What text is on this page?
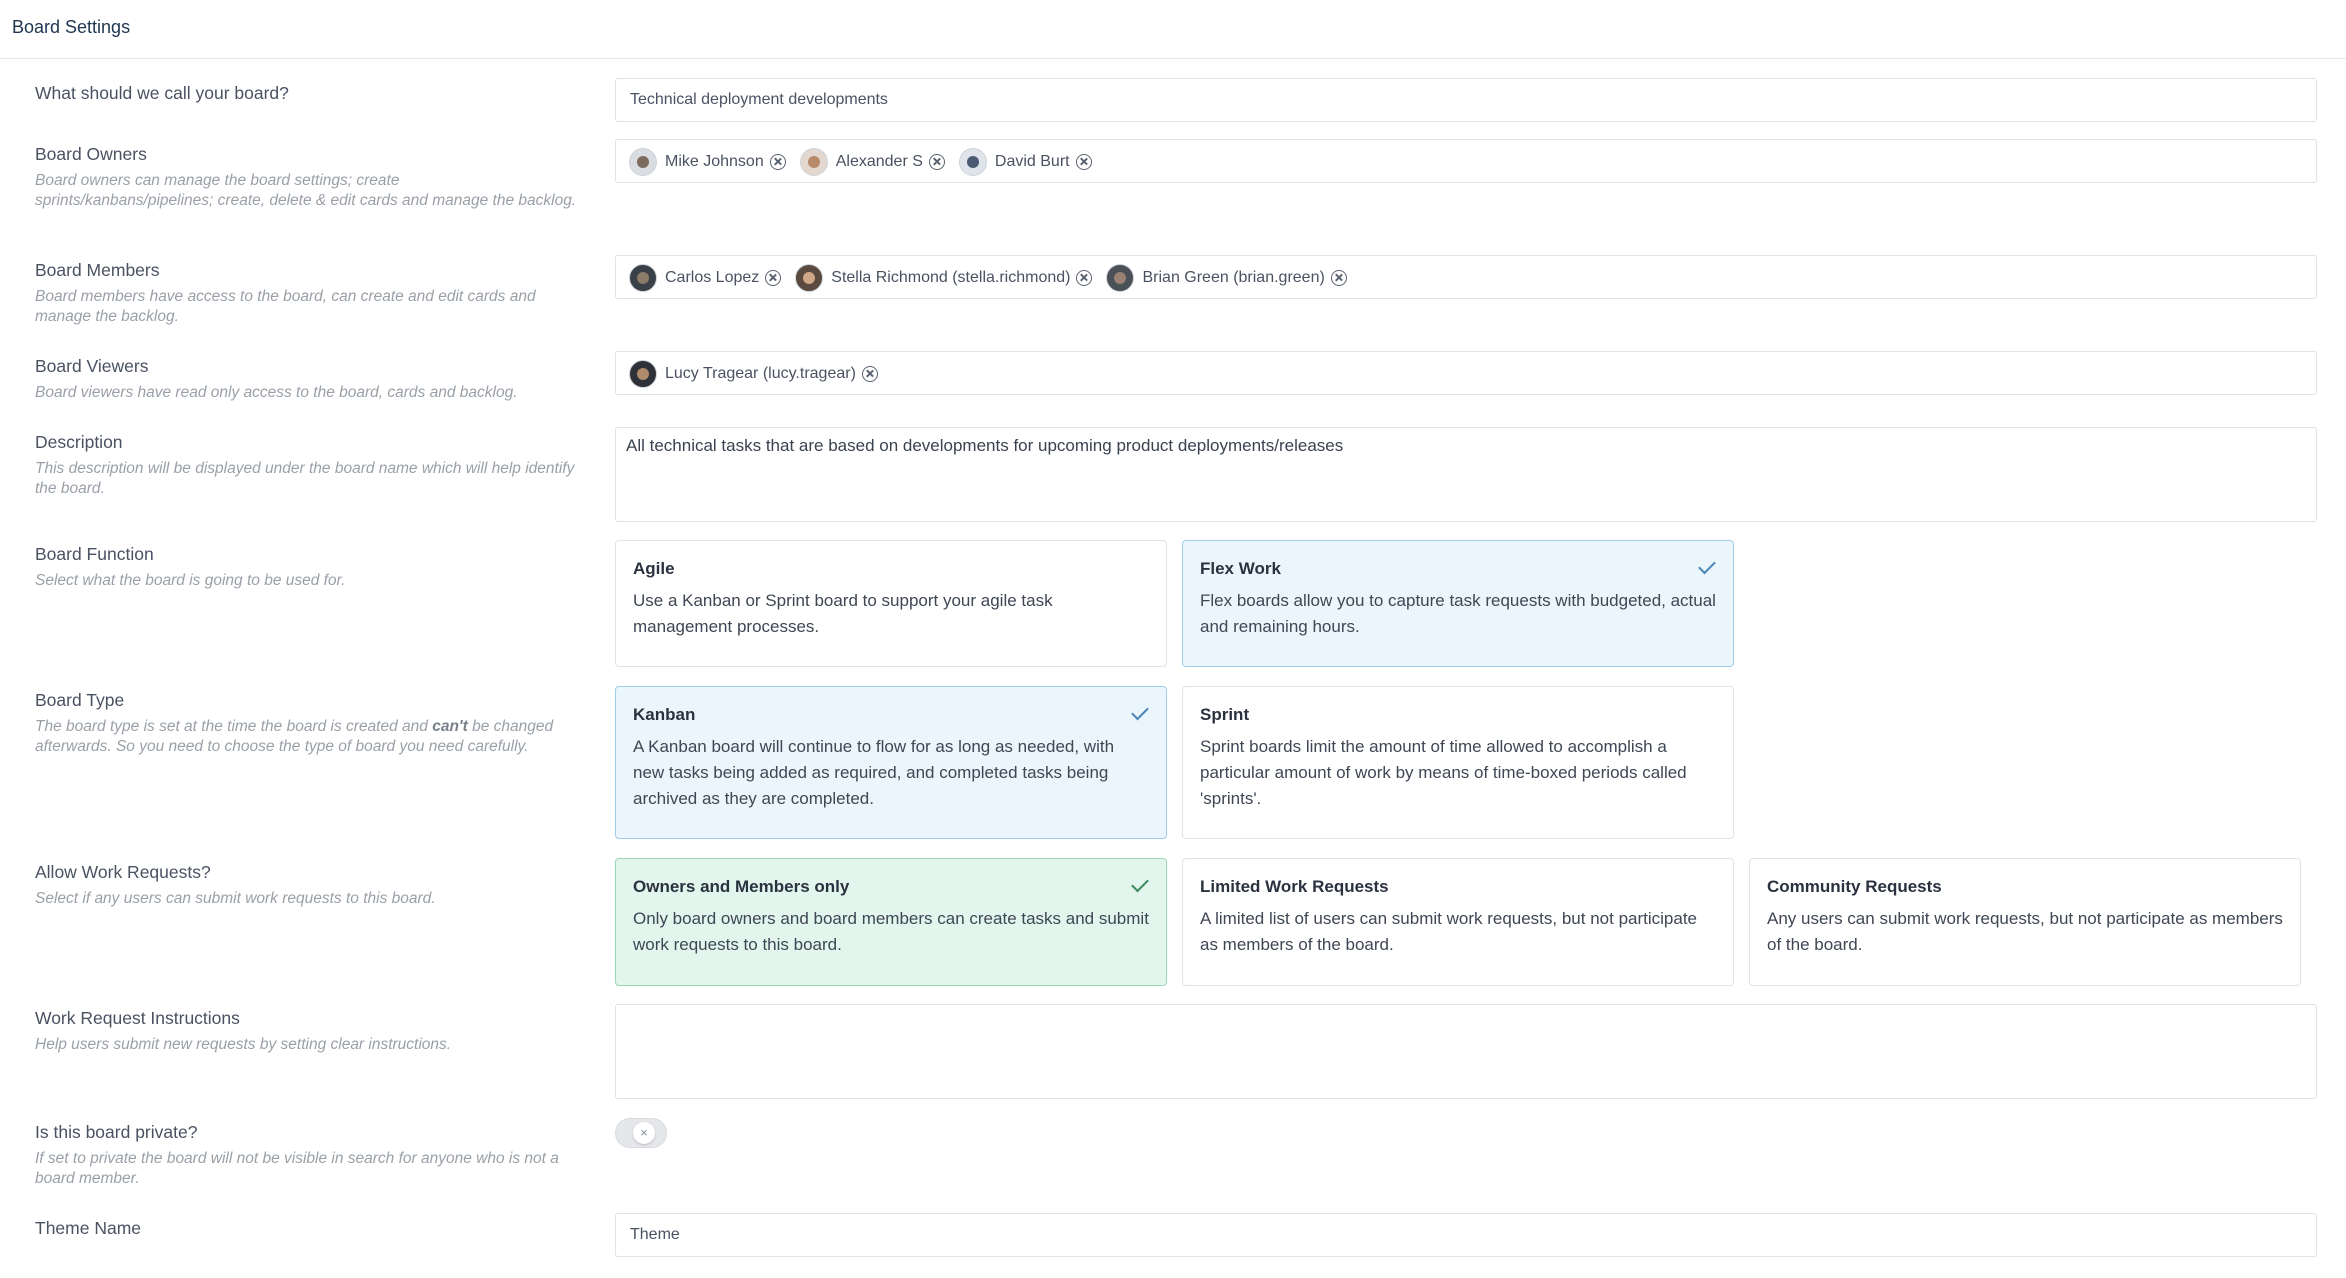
Board Settings
What should we call your board?	Technical deployment developments
Board Owners
Board owners can manage the board settings; create sprints/kanbans/pipelines; create, delete & edit cards and manage the backlog.
Mike Johnson	Alexander S	David Burt
Board Members
Board members have access to the board, can create and edit cards and manage the backlog.
Carlos Lopez	Stella Richmond (stella.richmond)	Brian Green (brian.green)
Board Viewers
Board viewers have read only access to the board, cards and backlog.
Lucy Tragear (lucy.tragear)
Description
This description will be displayed under the board name which will help identify the board.
All technical tasks that are based on developments for upcoming product deployments/releases
Board Function
Select what the board is going to be used for.
Agile
Use a Kanban or Sprint board to support your agile task management processes.
Flex Work
Flex boards allow you to capture task requests with budgeted, actual and remaining hours.
Board Type
The board type is set at the time the board is created and can't be changed afterwards. So you need to choose the type of board you need carefully.
Kanban
A Kanban board will continue to flow for as long as needed, with new tasks being added as required, and completed tasks being archived as they are completed.
Sprint
Sprint boards limit the amount of time allowed to accomplish a particular amount of work by means of time-boxed periods called 'sprints'.
Allow Work Requests?
Select if any users can submit work requests to this board.
Owners and Members only
Only board owners and board members can create tasks and submit work requests to this board.
Limited Work Requests
A limited list of users can submit work requests, but not participate as members of the board.
Community Requests
Any users can submit work requests, but not participate as members of the board.
Work Request Instructions
Help users submit new requests by setting clear instructions.
Is this board private?
If set to private the board will not be visible in search for anyone who is not a board member.
×
Theme Name	Theme
